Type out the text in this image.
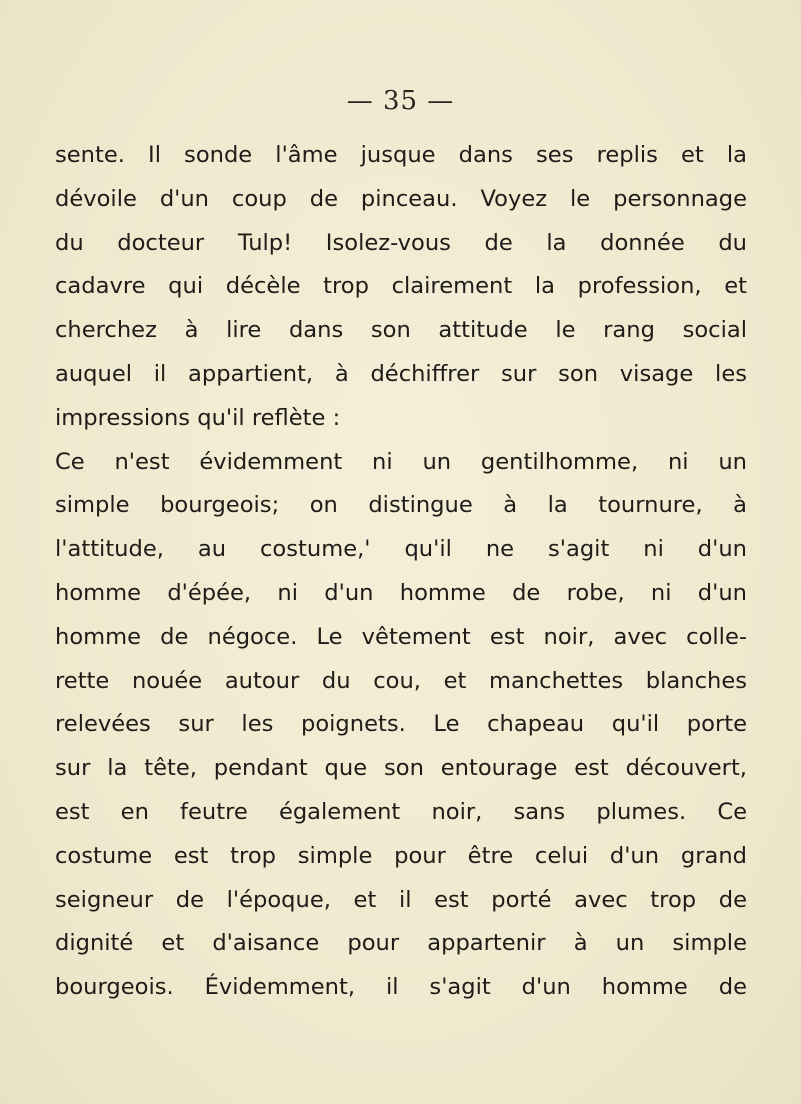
— 35 —
sente. Il sonde l'âme jusque dans ses replis et la
dévoile d'un coup de pinceau. Voyez le personnage
du docteur Tulp! Isolez-vous de la donnée du
cadavre qui décèle trop clairement la profession, et
cherchez à lire dans son attitude le rang social
auquel il appartient, à déchiffrer sur son visage les
impressions qu'il reflète :
Ce n'est évidemment ni un gentilhomme, ni un
simple bourgeois; on distingue à la tournure, à
l'attitude, au costume,' qu'il ne s'agit ni d'un
homme d'épée, ni d'un homme de robe, ni d'un
homme de négoce. Le vêtement est noir, avec colle-
rette nouée autour du cou, et manchettes blanches
relevées sur les poignets. Le chapeau qu'il porte
sur la tête, pendant que son entourage est découvert,
est en feutre également noir, sans plumes. Ce
costume est trop simple pour être celui d'un grand
seigneur de l'époque, et il est porté avec trop de
dignité et d'aisance pour appartenir à un simple
bourgeois. Évidemment, il s'agit d'un homme de
